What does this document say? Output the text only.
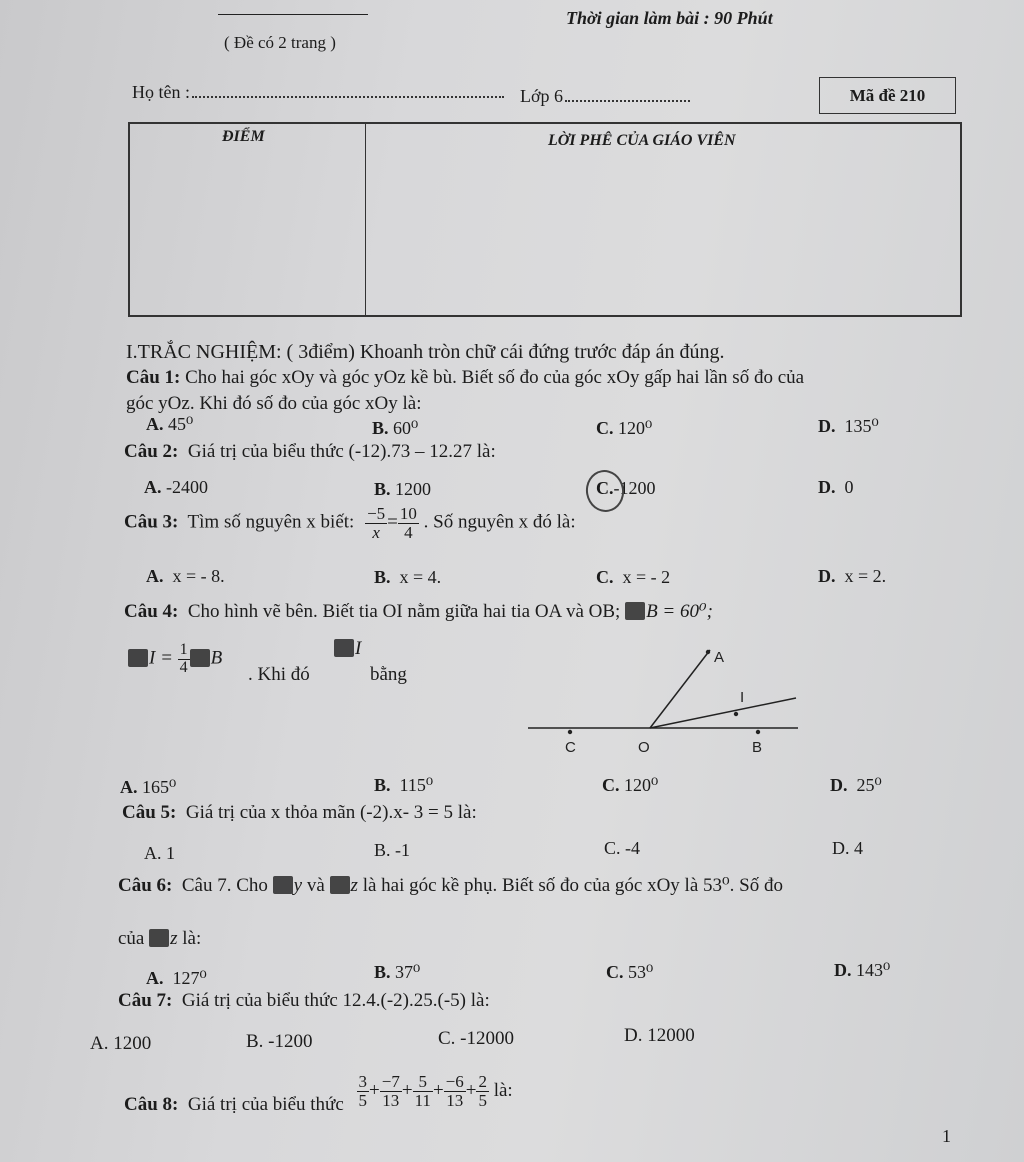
Thời gian làm bài : 90 Phút
( Đề có 2 trang )
Họ tên :	Lớp 6	Mã đề 210
ĐIỂM	LỜI PHÊ CỦA GIÁO VIÊN
I.TRẮC NGHIỆM: ( 3điểm) Khoanh tròn chữ cái đứng trước đáp án đúng.
Câu 1: Cho hai góc xOy và góc yOz kề bù. Biết số đo của góc xOy gấp hai lần số đo của
góc yOz. Khi đó số đo của góc xOy là:
A. 45⁰	B. 60⁰	C. 120⁰	D. 135⁰
Câu 2: Giá trị của biểu thức (-12).73 – 12.27 là:
A. -2400	B. 1200	C.-1200	D. 0
Câu 3: Tìm số nguyên x biết: $\frac{-5}{x} = \frac{10}{4}$ . Số nguyên x đó là:
A. x = - 8.	B. x = 4.	C. x = - 2	D. x = 2.
Câu 4: Cho hình vẽ bên. Biết tia OI nằm giữa hai tia OA và OB; B = 60⁰;
$I = \frac{1}{4}$ B
. Khi đó
I
bằng
A
I
C	O	B
A. 165⁰	B. 115⁰	C. 120⁰	D. 25⁰
Câu 5: Giá trị của x thỏa mãn (-2).x- 3 = 5 là:
A. 1	B. -1	C. -4	D. 4
Câu 6: Câu 7. Cho y và z là hai góc kề phụ. Biết số đo của góc xOy là 53⁰. Số đo
của z là:
A. 127⁰	B. 37⁰	C. 53⁰	D. 143⁰
Câu 7: Giá trị của biểu thức 12.4.(-2).25.(-5) là:
A. 1200	B. -1200	C. -12000	D. 12000
Câu 8: Giá trị của biểu thức $\frac{3}{5} + \frac{-7}{13} + \frac{5}{11} + \frac{-6}{13} + \frac{2}{5}$ là:
1
